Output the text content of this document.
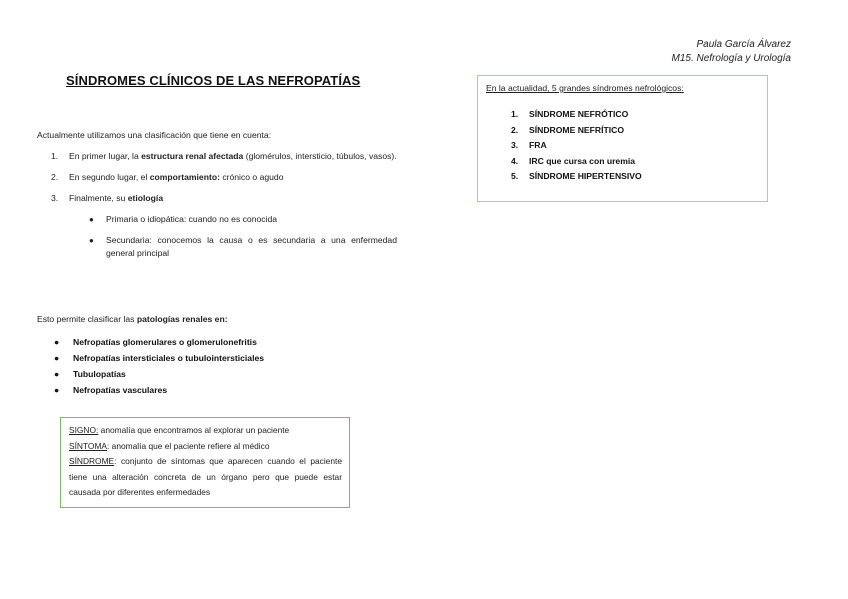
Paula García Álvarez
M15. Nefrología y Urología
SÍNDROMES CLÍNICOS DE LAS NEFROPATÍAS
Actualmente utilizamos una clasificación que tiene en cuenta:
1. En primer lugar, la estructura renal afectada (glomérulos, intersticio, túbulos, vasos).
2. En segundo lugar, el comportamiento: crónico o agudo
3. Finalmente, su etiología
● Primaria o idiopática: cuando no es conocida
● Secundaria: conocemos la causa o es secundaria a una enfermedad general principal
Esto permite clasificar las patologías renales en:
● Nefropatías glomerulares o glomerulonefritis
● Nefropatías intersticiales o tubulointersticiales
● Tubulopatías
● Nefropatías vasculares

SIGNO: anomalía que encontramos al explorar un paciente

SÍNTOMA: anomalía que el paciente refiere al médico

SÍNDROME: conjunto de síntomas que aparecen cuando el paciente tiene una alteración concreta de un órgano pero que puede estar causada por diferentes enfermedades

En la actualidad, 5 grandes síndromes nefrológicos:

1. SÍNDROME NEFRÓTICO
2. SÍNDROME NEFRÍTICO
3. FRA
4. IRC que cursa con uremia
5. SÍNDROME HIPERTENSIVO
